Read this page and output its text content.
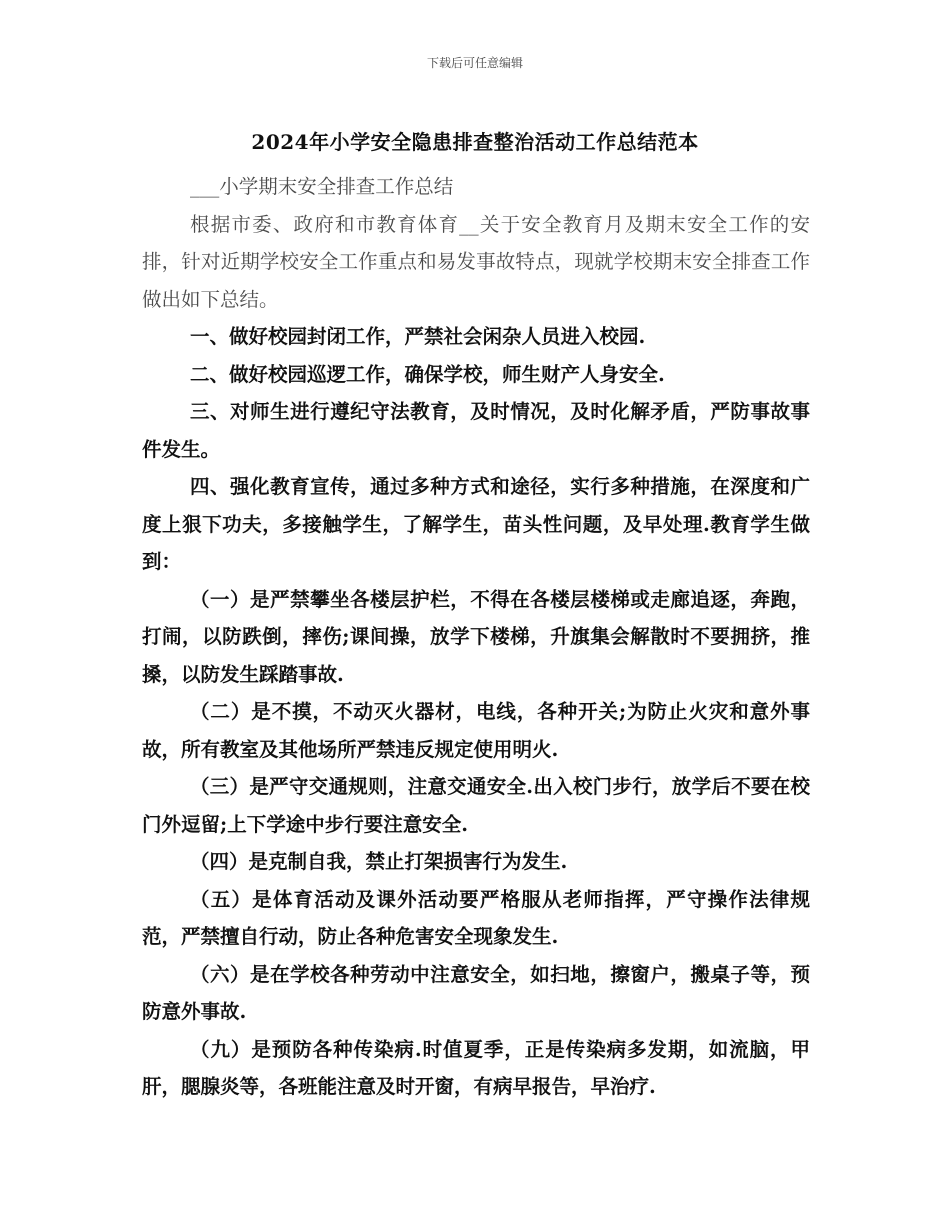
下载后可任意编辑
2024年小学安全隐患排查整治活动工作总结范本

___小学期末安全排查工作总结

根据市委、政府和市教育体育__关于安全教育月及期末安全工作的安排，针对近期学校安全工作重点和易发事故特点，现就学校期末安全排查工作做出如下总结。

一、做好校园封闭工作，严禁社会闲杂人员进入校园.

二、做好校园巡逻工作，确保学校，师生财产人身安全.

三、对师生进行遵纪守法教育，及时情况，及时化解矛盾，严防事故事件发生。

四、强化教育宣传，通过多种方式和途径，实行多种措施，在深度和广度上狠下功夫，多接触学生，了解学生，苗头性问题，及早处理.教育学生做到：

（一）是严禁攀坐各楼层护栏，不得在各楼层楼梯或走廊追逐，奔跑，打闹，以防跌倒，摔伤;课间操，放学下楼梯，升旗集会解散时不要拥挤，推搡，以防发生踩踏事故.

（二）是不摸，不动灭火器材，电线，各种开关;为防止火灾和意外事故，所有教室及其他场所严禁违反规定使用明火.

（三）是严守交通规则，注意交通安全.出入校门步行，放学后不要在校门外逗留;上下学途中步行要注意安全.

（四）是克制自我，禁止打架损害行为发生.

（五）是体育活动及课外活动要严格服从老师指挥，严守操作法律规范，严禁擅自行动，防止各种危害安全现象发生.

（六）是在学校各种劳动中注意安全，如扫地，擦窗户，搬桌子等，预防意外事故.

（九）是预防各种传染病.时值夏季，正是传染病多发期，如流脑，甲肝，腮腺炎等，各班能注意及时开窗，有病早报告，早治疗.
